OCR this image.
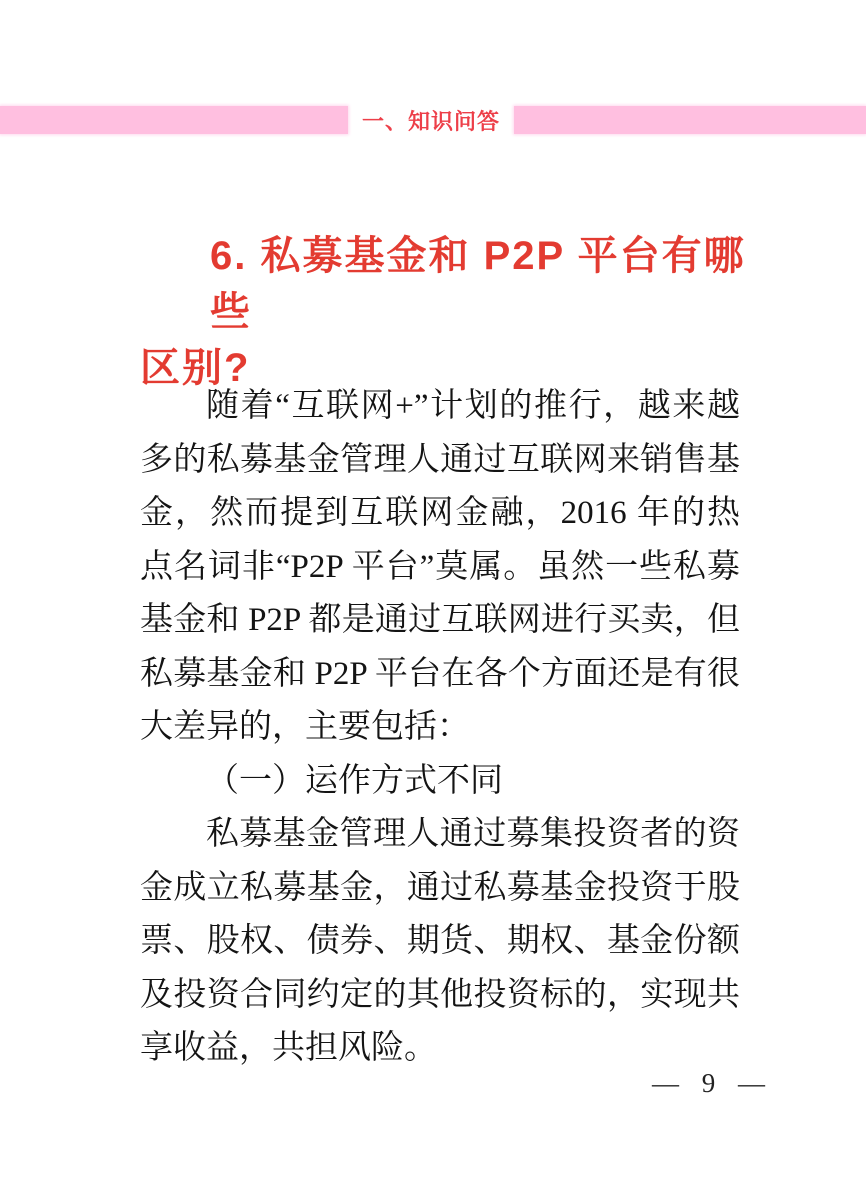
一、知识问答
6. 私募基金和 P2P 平台有哪些
区别?

随着“互联网+”计划的推行，越来越多的私募基金管理人通过互联网来销售基金，然而提到互联网金融，2016 年的热点名词非“P2P 平台”莫属。虽然一些私募基金和 P2P 都是通过互联网进行买卖，但私募基金和 P2P 平台在各个方面还是有很大差异的，主要包括：

（一）运作方式不同

私募基金管理人通过募集投资者的资金成立私募基金，通过私募基金投资于股票、股权、债券、期货、期权、基金份额及投资合同约定的其他投资标的，实现共享收益，共担风险。

— 9 —
